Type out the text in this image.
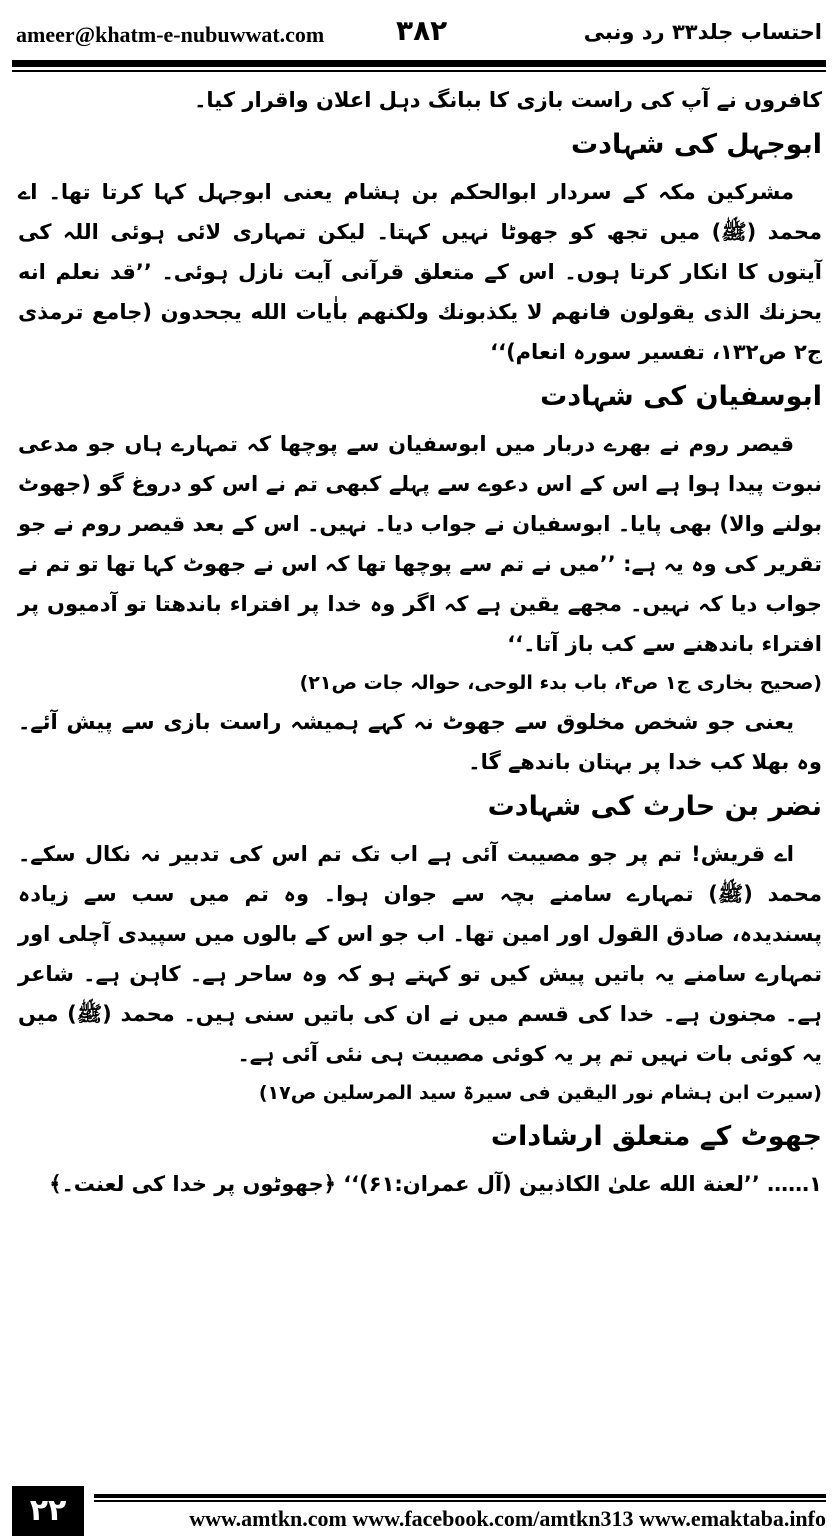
ameer@khatm-e-nubuwwat.com	۳۸۲	احتساب جلد۳۳ رد ونبی

کافروں نے آپ کی راست بازی کا ببانگ دہل اعلان واقرار کیا۔

ابوجہل کی شہادت

مشرکین مکہ کے سردار ابوالحکم بن ہشام یعنی ابوجہل کہا کرتا تھا۔ اے محمد (ﷺ) میں تجھ کو جھوٹا نہیں کہتا۔ لیکن تمہاری لائی ہوئی اللہ کی آیتوں کا انکار کرتا ہوں۔ اس کے متعلق قرآنی آیت نازل ہوئی۔ ’’قد نعلم انه يحزنك الذى يقولون فانهم لا يكذبونك ولكنهم باٰيات الله يجحدون (جامع ترمذی ج۲ ص۱۳۲، تفسیر سورہ انعام)‘‘

ابوسفیان کی شہادت

قیصر روم نے بھرے دربار میں ابوسفیان سے پوچھا کہ تمہارے ہاں جو مدعی نبوت پیدا ہوا ہے اس کے اس دعوے سے پہلے کبھی تم نے اس کو دروغ گو (جھوٹ بولنے والا) بھی پایا۔ ابوسفیان نے جواب دیا۔ نہیں۔ اس کے بعد قیصر روم نے جو تقریر کی وہ یہ ہے: ’’میں نے تم سے پوچھا تھا کہ اس نے جھوٹ کہا تھا تو تم نے جواب دیا کہ نہیں۔ مجھے یقین ہے کہ اگر وہ خدا پر افتراء باندھتا تو آدمیوں پر افتراء باندھنے سے کب باز آتا۔‘‘

(صحیح بخاری ج۱ ص۴، باب بدء الوحی، حوالہ جات ص۲۱)

یعنی جو شخص مخلوق سے جھوٹ نہ کہے ہمیشہ راست بازی سے پیش آئے۔ وہ بھلا کب خدا پر بہتان باندھے گا۔

نضر بن حارث کی شہادت

اے قریش! تم پر جو مصیبت آئی ہے اب تک تم اس کی تدبیر نہ نکال سکے۔ محمد (ﷺ) تمہارے سامنے بچہ سے جوان ہوا۔ وہ تم میں سب سے زیادہ پسندیدہ، صادق القول اور امین تھا۔ اب جو اس کے بالوں میں سپیدی آچلی اور تمہارے سامنے یہ باتیں پیش کیں تو کہتے ہو کہ وہ ساحر ہے۔ کاہن ہے۔ شاعر ہے۔ مجنون ہے۔ خدا کی قسم میں نے ان کی باتیں سنی ہیں۔ محمد (ﷺ) میں یہ کوئی بات نہیں تم پر یہ کوئی مصیبت ہی نئی آئی ہے۔

(سیرت ابن ہشام نور الیقین فی سیرۃ سید المرسلین ص۱۷)

جھوٹ کے متعلق ارشادات

۱…… ’’لعنة الله علىٰ الكاذبين (آل عمران:۶۱)‘‘ ﴿جھوٹوں پر خدا کی لعنت۔﴾

۲۲	www.amtkn.com www.facebook.com/amtkn313 www.emaktaba.info
